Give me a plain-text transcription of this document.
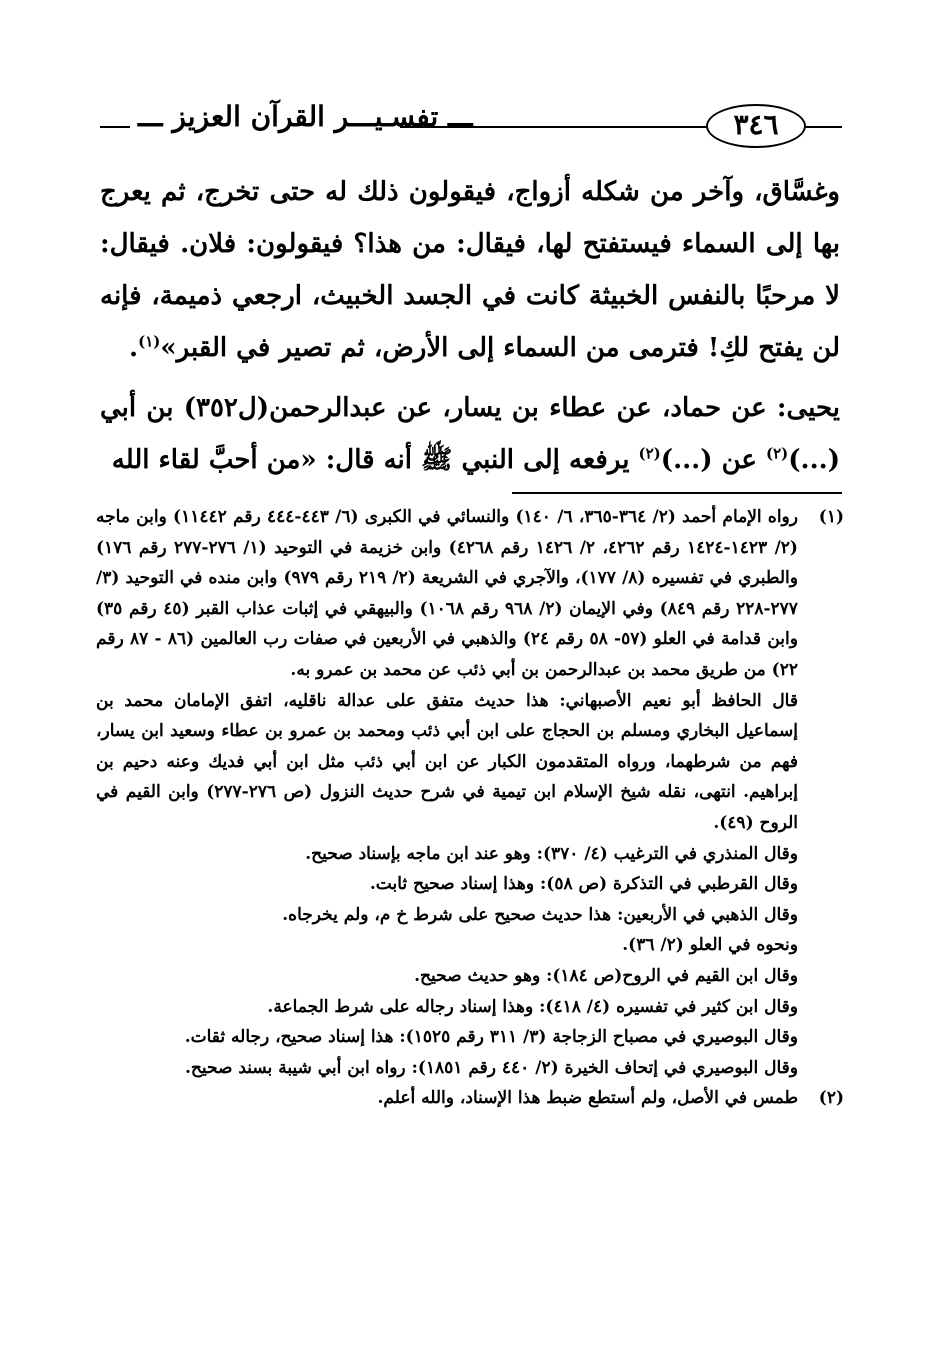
ـــ تفسـيـــر القرآن العزيز ـــ	٣٤٦

وغسَّاق، وآخر من شكله أزواج، فيقولون ذلك له حتى تخرج، ثم يعرج بها إلى السماء فيستفتح لها، فيقال: من هذا؟ فيقولون: فلان. فيقال: لا مرحبًا بالنفس الخبيثة كانت في الجسد الخبيث، ارجعي ذميمة، فإنه لن يفتح لكِ! فترمى من السماء إلى الأرض، ثم تصير في القبر»$^{(١)}$.

يحيى: عن حماد، عن عطاء بن يسار، عن عبدالرحمن(ل٣٥٢) بن أبي (...)$^{(٢)}$ عن (...)$^{(٢)}$ يرفعه إلى النبي ﷺ أنه قال: «من أحبَّ لقاء الله

(١)

رواه الإمام أحمد (٢/ ٣٦٤-٣٦٥، ٦/ ١٤٠) والنسائي في الكبرى (٦/ ٤٤٣-٤٤٤ رقم ١١٤٤٢) وابن ماجه (٢/ ١٤٢٣-١٤٢٤ رقم ٤٢٦٢، ٢/ ١٤٢٦ رقم ٤٢٦٨) وابن خزيمة في التوحيد (١/ ٢٧٦-٢٧٧ رقم ١٧٦) والطبري في تفسيره (٨/ ١٧٧)، والآجري في الشريعة (٢/ ٢١٩ رقم ٩٧٩) وابن منده في التوحيد (٣/ ٢٧٧-٢٢٨ رقم ٨٤٩) وفي الإيمان (٢/ ٩٦٨ رقم ١٠٦٨) والبيهقي في إثبات عذاب القبر (٤٥ رقم ٣٥) وابن قدامة في العلو (٥٧- ٥٨ رقم ٢٤) والذهبي في الأربعين في صفات رب العالمين (٨٦ - ٨٧ رقم ٢٢) من طريق محمد بن عبدالرحمن بن أبي ذئب عن محمد بن عمرو به.

قال الحافظ أبو نعيم الأصبهاني: هذا حديث متفق على عدالة ناقليه، اتفق الإمامان محمد بن إسماعيل البخاري ومسلم بن الحجاج على ابن أبي ذئب ومحمد بن عمرو بن عطاء وسعيد ابن يسار، فهم من شرطهما، ورواه المتقدمون الكبار عن ابن أبي ذئب مثل ابن أبي فديك وعنه دحيم بن إبراهيم. انتهى، نقله شيخ الإسلام ابن تيمية في شرح حديث النزول (ص ٢٧٦-٢٧٧) وابن القيم في الروح (٤٩).

وقال المنذري في الترغيب (٤/ ٣٧٠): وهو عند ابن ماجه بإسناد صحيح.

وقال القرطبي في التذكرة (ص ٥٨): وهذا إسناد صحيح ثابت.

وقال الذهبي في الأربعين: هذا حديث صحيح على شرط خ م، ولم يخرجاه.

ونحوه في العلو (٢/ ٣٦).

وقال ابن القيم في الروح(ص ١٨٤): وهو حديث صحيح.

وقال ابن كثير في تفسيره (٤/ ٤١٨): وهذا إسناد رجاله على شرط الجماعة.

وقال البوصيري في مصباح الزجاجة (٣/ ٣١١ رقم ١٥٢٥): هذا إسناد صحيح، رجاله ثقات.

وقال البوصيري في إتحاف الخيرة (٢/ ٤٤٠ رقم ١٨٥١): رواه ابن أبي شيبة بسند صحيح.

(٢)

طمس في الأصل، ولم أستطع ضبط هذا الإسناد، والله أعلم.
